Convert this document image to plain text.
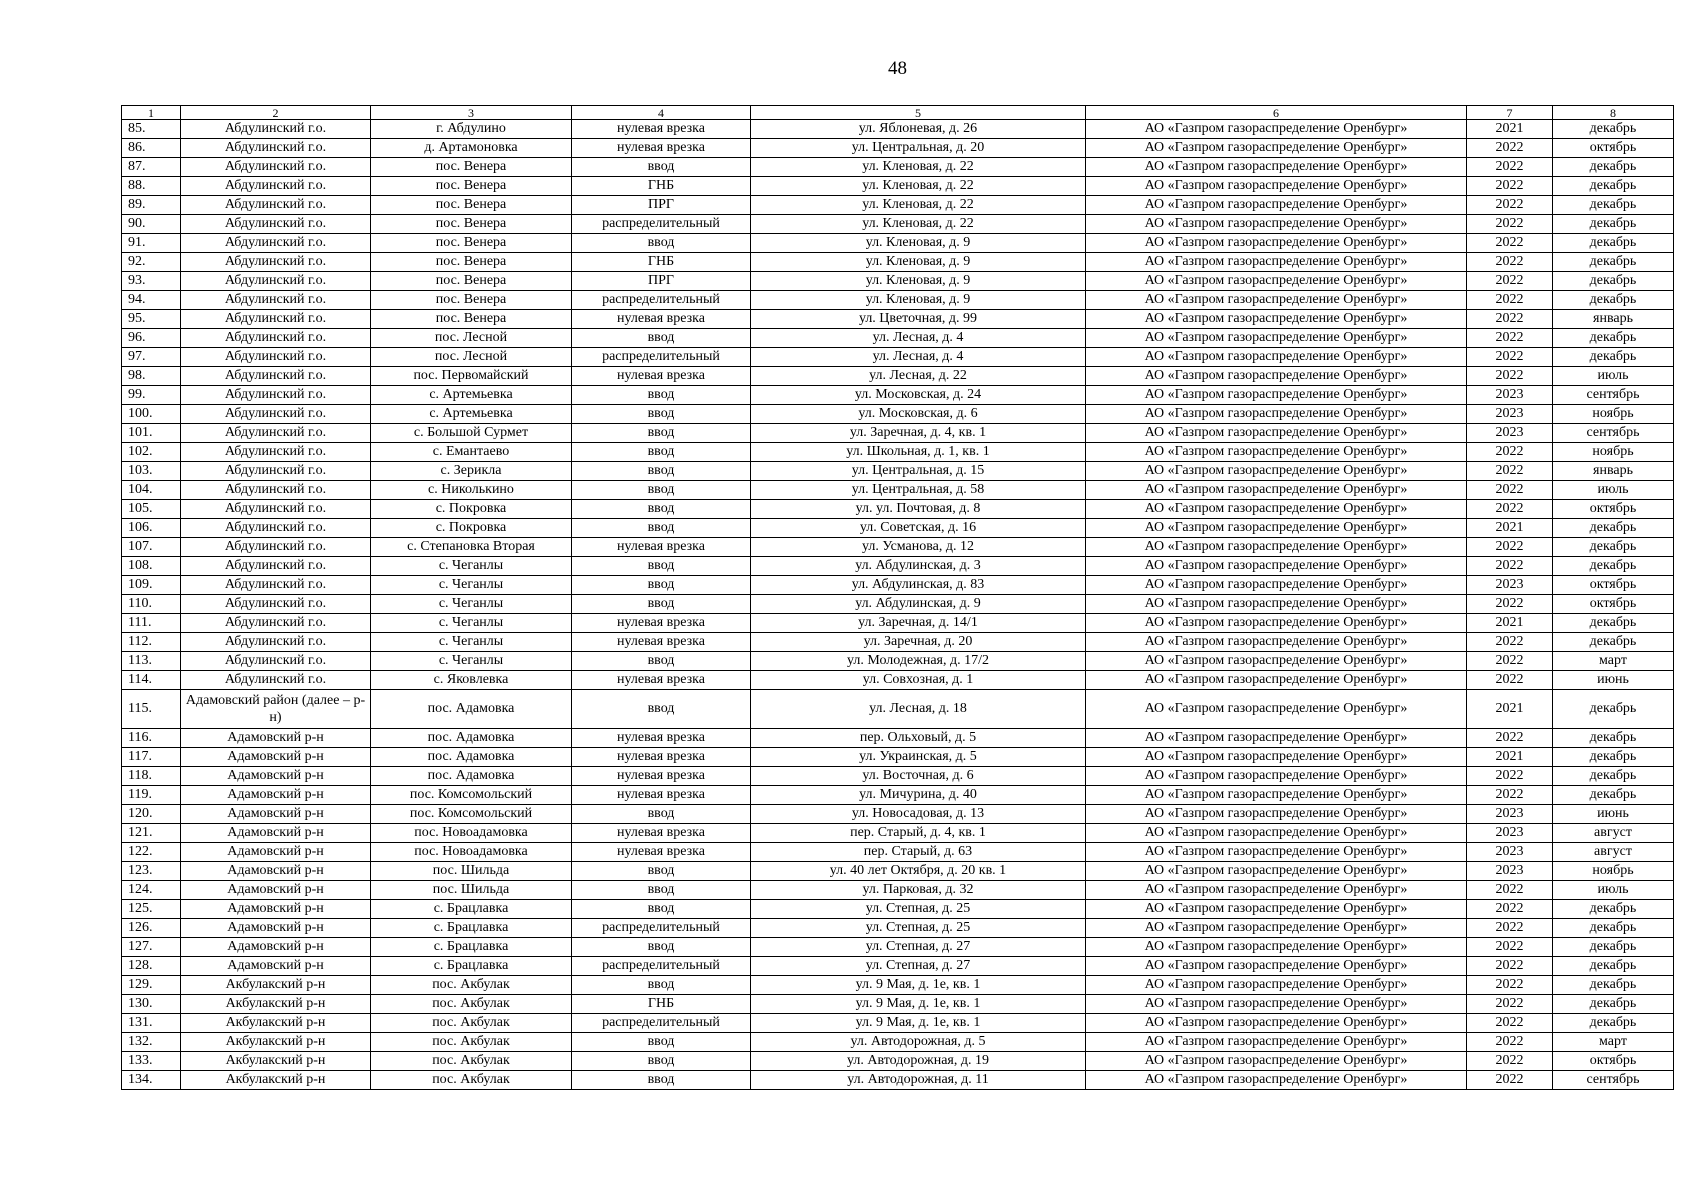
48
1	2	3	4	5	6	7	8
85.	Абдулинский г.о.	г. Абдулино	нулевая врезка	ул. Яблоневая, д. 26	АО «Газпром газораспределение Оренбург»	2021	декабрь
86.	Абдулинский г.о.	д. Артамоновка	нулевая врезка	ул. Центральная, д. 20	АО «Газпром газораспределение Оренбург»	2022	октябрь
87.	Абдулинский г.о.	пос. Венера	ввод	ул. Кленовая, д. 22	АО «Газпром газораспределение Оренбург»	2022	декабрь
88.	Абдулинский г.о.	пос. Венера	ГНБ	ул. Кленовая, д. 22	АО «Газпром газораспределение Оренбург»	2022	декабрь
89.	Абдулинский г.о.	пос. Венера	ПРГ	ул. Кленовая, д. 22	АО «Газпром газораспределение Оренбург»	2022	декабрь
90.	Абдулинский г.о.	пос. Венера	распределительный	ул. Кленовая, д. 22	АО «Газпром газораспределение Оренбург»	2022	декабрь
91.	Абдулинский г.о.	пос. Венера	ввод	ул. Кленовая, д. 9	АО «Газпром газораспределение Оренбург»	2022	декабрь
92.	Абдулинский г.о.	пос. Венера	ГНБ	ул. Кленовая, д. 9	АО «Газпром газораспределение Оренбург»	2022	декабрь
93.	Абдулинский г.о.	пос. Венера	ПРГ	ул. Кленовая, д. 9	АО «Газпром газораспределение Оренбург»	2022	декабрь
94.	Абдулинский г.о.	пос. Венера	распределительный	ул. Кленовая, д. 9	АО «Газпром газораспределение Оренбург»	2022	декабрь
95.	Абдулинский г.о.	пос. Венера	нулевая врезка	ул. Цветочная, д. 99	АО «Газпром газораспределение Оренбург»	2022	январь
96.	Абдулинский г.о.	пос. Лесной	ввод	ул. Лесная, д. 4	АО «Газпром газораспределение Оренбург»	2022	декабрь
97.	Абдулинский г.о.	пос. Лесной	распределительный	ул. Лесная, д. 4	АО «Газпром газораспределение Оренбург»	2022	декабрь
98.	Абдулинский г.о.	пос. Первомайский	нулевая врезка	ул. Лесная, д. 22	АО «Газпром газораспределение Оренбург»	2022	июль
99.	Абдулинский г.о.	с. Артемьевка	ввод	ул. Московская, д. 24	АО «Газпром газораспределение Оренбург»	2023	сентябрь
100.	Абдулинский г.о.	с. Артемьевка	ввод	ул. Московская, д. 6	АО «Газпром газораспределение Оренбург»	2023	ноябрь
101.	Абдулинский г.о.	с. Большой Сурмет	ввод	ул. Заречная, д. 4, кв. 1	АО «Газпром газораспределение Оренбург»	2023	сентябрь
102.	Абдулинский г.о.	с. Емантаево	ввод	ул. Школьная, д. 1, кв. 1	АО «Газпром газораспределение Оренбург»	2022	ноябрь
103.	Абдулинский г.о.	с. Зерикла	ввод	ул. Центральная, д. 15	АО «Газпром газораспределение Оренбург»	2022	январь
104.	Абдулинский г.о.	с. Николькино	ввод	ул. Центральная, д. 58	АО «Газпром газораспределение Оренбург»	2022	июль
105.	Абдулинский г.о.	с. Покровка	ввод	ул. ул. Почтовая, д. 8	АО «Газпром газораспределение Оренбург»	2022	октябрь
106.	Абдулинский г.о.	с. Покровка	ввод	ул. Советская, д. 16	АО «Газпром газораспределение Оренбург»	2021	декабрь
107.	Абдулинский г.о.	с. Степановка Вторая	нулевая врезка	ул. Усманова, д. 12	АО «Газпром газораспределение Оренбург»	2022	декабрь
108.	Абдулинский г.о.	с. Чеганлы	ввод	ул. Абдулинская, д. 3	АО «Газпром газораспределение Оренбург»	2022	декабрь
109.	Абдулинский г.о.	с. Чеганлы	ввод	ул. Абдулинская, д. 83	АО «Газпром газораспределение Оренбург»	2023	октябрь
110.	Абдулинский г.о.	с. Чеганлы	ввод	ул. Абдулинская, д. 9	АО «Газпром газораспределение Оренбург»	2022	октябрь
111.	Абдулинский г.о.	с. Чеганлы	нулевая врезка	ул. Заречная, д. 14/1	АО «Газпром газораспределение Оренбург»	2021	декабрь
112.	Абдулинский г.о.	с. Чеганлы	нулевая врезка	ул. Заречная, д. 20	АО «Газпром газораспределение Оренбург»	2022	декабрь
113.	Абдулинский г.о.	с. Чеганлы	ввод	ул. Молодежная, д. 17/2	АО «Газпром газораспределение Оренбург»	2022	март
114.	Абдулинский г.о.	с. Яковлевка	нулевая врезка	ул. Совхозная, д. 1	АО «Газпром газораспределение Оренбург»	2022	июнь
115.	Адамовский район (далее – р-н)	пос. Адамовка	ввод	ул. Лесная, д. 18	АО «Газпром газораспределение Оренбург»	2021	декабрь
116.	Адамовский р-н	пос. Адамовка	нулевая врезка	пер. Ольховый, д. 5	АО «Газпром газораспределение Оренбург»	2022	декабрь
117.	Адамовский р-н	пос. Адамовка	нулевая врезка	ул. Украинская, д. 5	АО «Газпром газораспределение Оренбург»	2021	декабрь
118.	Адамовский р-н	пос. Адамовка	нулевая врезка	ул. Восточная, д. 6	АО «Газпром газораспределение Оренбург»	2022	декабрь
119.	Адамовский р-н	пос. Комсомольский	нулевая врезка	ул. Мичурина, д. 40	АО «Газпром газораспределение Оренбург»	2022	декабрь
120.	Адамовский р-н	пос. Комсомольский	ввод	ул. Новосадовая, д. 13	АО «Газпром газораспределение Оренбург»	2023	июнь
121.	Адамовский р-н	пос. Новоадамовка	нулевая врезка	пер. Старый, д. 4, кв. 1	АО «Газпром газораспределение Оренбург»	2023	август
122.	Адамовский р-н	пос. Новоадамовка	нулевая врезка	пер. Старый, д. 63	АО «Газпром газораспределение Оренбург»	2023	август
123.	Адамовский р-н	пос. Шильда	ввод	ул. 40 лет Октября, д. 20 кв. 1	АО «Газпром газораспределение Оренбург»	2023	ноябрь
124.	Адамовский р-н	пос. Шильда	ввод	ул. Парковая, д. 32	АО «Газпром газораспределение Оренбург»	2022	июль
125.	Адамовский р-н	с. Брацлавка	ввод	ул. Степная, д. 25	АО «Газпром газораспределение Оренбург»	2022	декабрь
126.	Адамовский р-н	с. Брацлавка	распределительный	ул. Степная, д. 25	АО «Газпром газораспределение Оренбург»	2022	декабрь
127.	Адамовский р-н	с. Брацлавка	ввод	ул. Степная, д. 27	АО «Газпром газораспределение Оренбург»	2022	декабрь
128.	Адамовский р-н	с. Брацлавка	распределительный	ул. Степная, д. 27	АО «Газпром газораспределение Оренбург»	2022	декабрь
129.	Акбулакский р-н	пос. Акбулак	ввод	ул. 9 Мая, д. 1е, кв. 1	АО «Газпром газораспределение Оренбург»	2022	декабрь
130.	Акбулакский р-н	пос. Акбулак	ГНБ	ул. 9 Мая, д. 1е, кв. 1	АО «Газпром газораспределение Оренбург»	2022	декабрь
131.	Акбулакский р-н	пос. Акбулак	распределительный	ул. 9 Мая, д. 1е, кв. 1	АО «Газпром газораспределение Оренбург»	2022	декабрь
132.	Акбулакский р-н	пос. Акбулак	ввод	ул. Автодорожная, д. 5	АО «Газпром газораспределение Оренбург»	2022	март
133.	Акбулакский р-н	пос. Акбулак	ввод	ул. Автодорожная, д. 19	АО «Газпром газораспределение Оренбург»	2022	октябрь
134.	Акбулакский р-н	пос. Акбулак	ввод	ул. Автодорожная, д. 11	АО «Газпром газораспределение Оренбург»	2022	сентябрь
